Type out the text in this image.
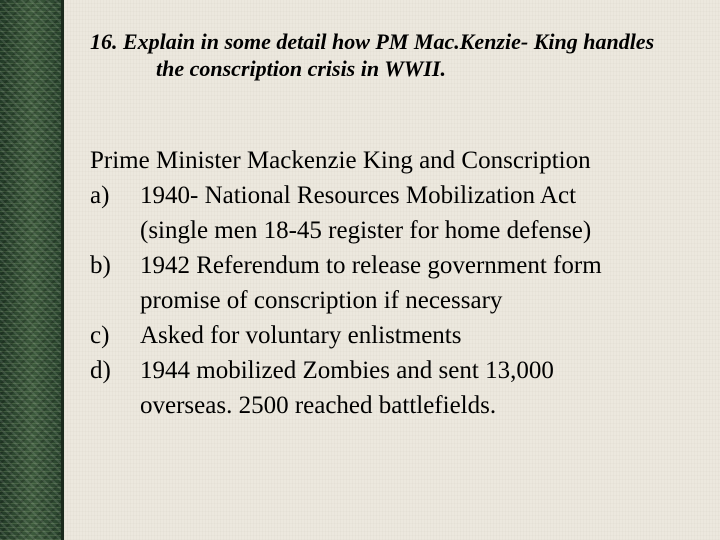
16. Explain in some detail how PM Mac.Kenzie- King handles
the conscription crisis in WWII.
Prime Minister Mackenzie King and Conscription
a)	1940- National Resources Mobilization Act
(single men 18-45 register for home defense)
b)	1942 Referendum to release government form
promise of conscription if necessary
c)	Asked for voluntary enlistments
d)	1944 mobilized Zombies and sent 13,000
overseas. 2500 reached battlefields.
